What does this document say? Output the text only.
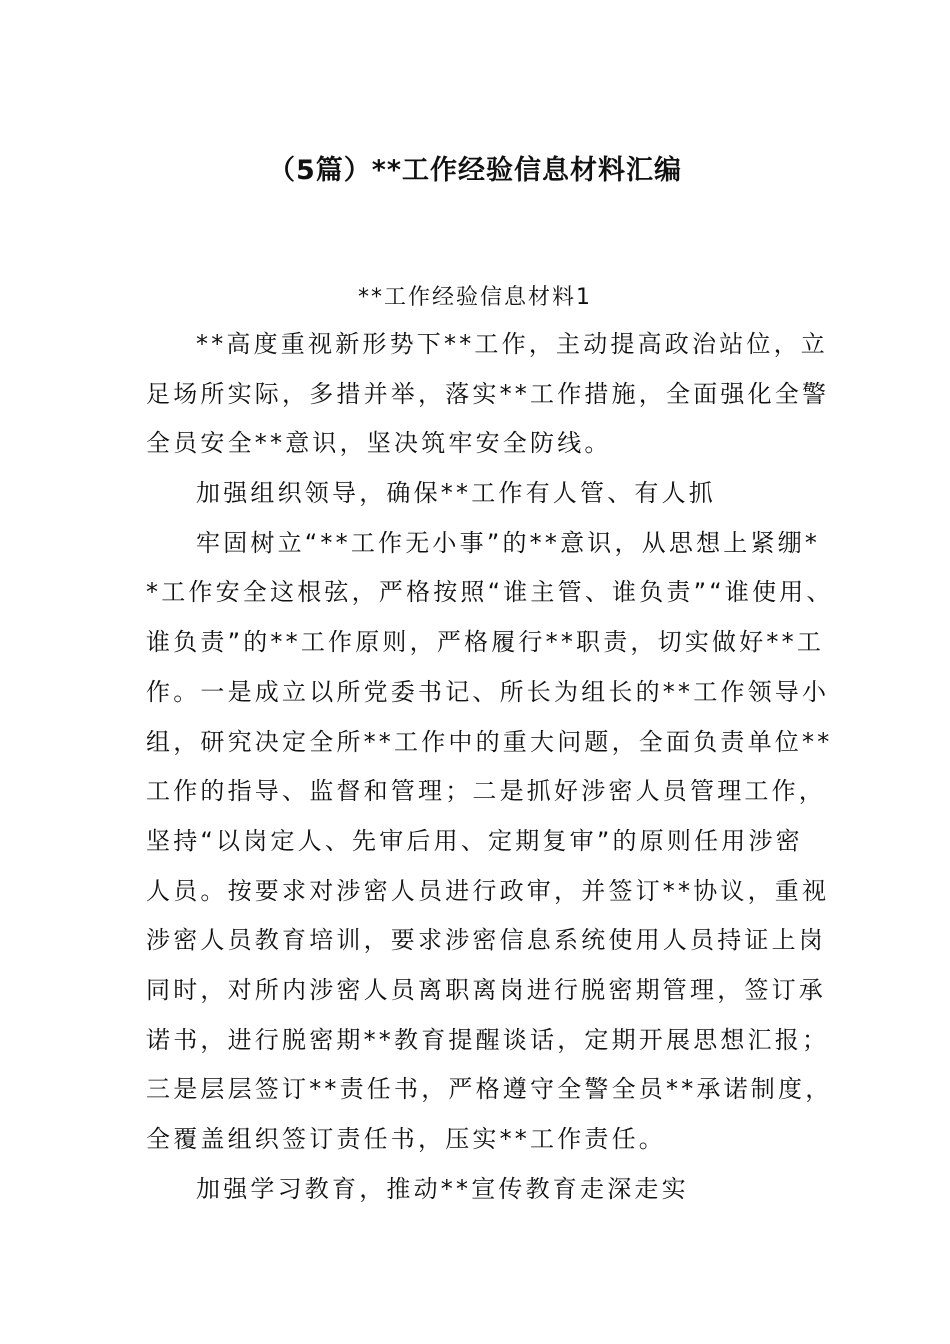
（5篇）**工作经验信息材料汇编
**工作经验信息材料1
**高度重视新形势下**工作，主动提高政治站位，立
足场所实际，多措并举，落实**工作措施，全面强化全警
全员安全**意识，坚决筑牢安全防线。
加强组织领导，确保**工作有人管、有人抓
牢固树立“**工作无小事”的**意识，从思想上紧绷*
*工作安全这根弦，严格按照“谁主管、谁负责”“谁使用、
谁负责”的**工作原则，严格履行**职责，切实做好**工
作。一是成立以所党委书记、所长为组长的**工作领导小
组，研究决定全所**工作中的重大问题，全面负责单位**
工作的指导、监督和管理；二是抓好涉密人员管理工作，
坚持“以岗定人、先审后用、定期复审”的原则任用涉密
人员。按要求对涉密人员进行政审，并签订**协议，重视
涉密人员教育培训，要求涉密信息系统使用人员持证上岗
同时，对所内涉密人员离职离岗进行脱密期管理，签订承
诺书，进行脱密期**教育提醒谈话，定期开展思想汇报；
三是层层签订**责任书，严格遵守全警全员**承诺制度，
全覆盖组织签订责任书，压实**工作责任。
加强学习教育，推动**宣传教育走深走实
